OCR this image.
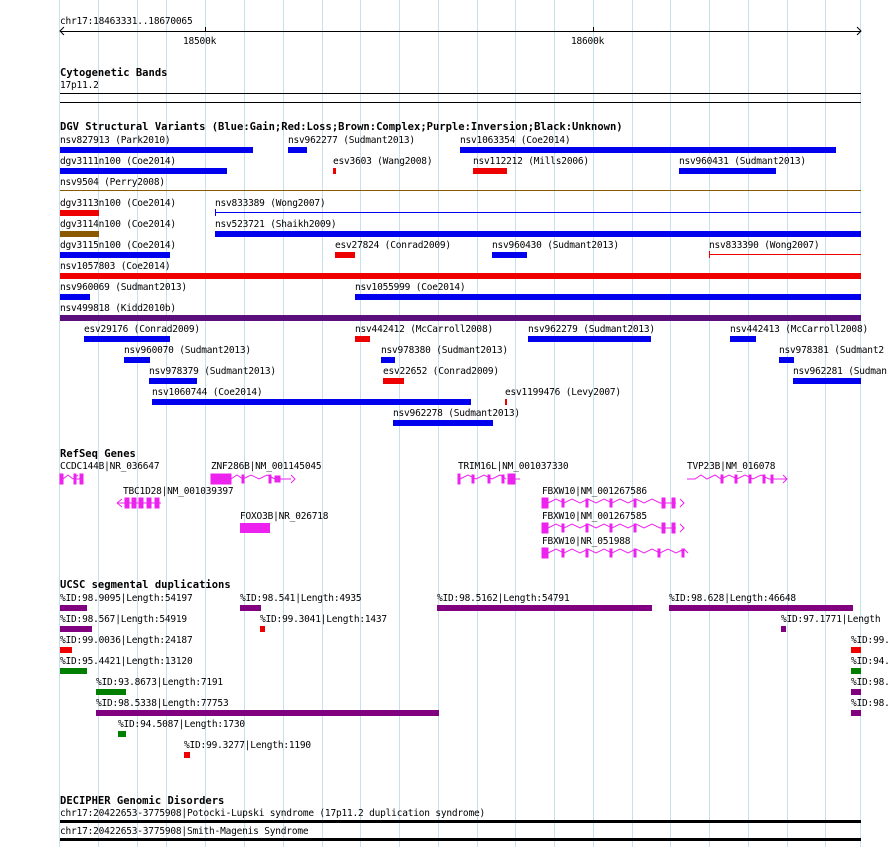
chr17:18463331..18670065
18500k	18600k
Cytogenetic Bands
17p11.2
DGV Structural Variants (Blue:Gain;Red:Loss;Brown:Complex;Purple:Inversion;Black:Unknown)
nsv827913 (Park2010)	nsv962277 (Sudmant2013)	nsv1063354 (Coe2014)
dgv3111n100 (Coe2014)	esv3603 (Wang2008)	nsv112212 (Mills2006)	nsv960431 (Sudmant2013)
nsv9504 (Perry2008)
dgv3113n100 (Coe2014)	nsv833389 (Wong2007)
dgv3114n100 (Coe2014)	nsv523721 (Shaikh2009)
dgv3115n100 (Coe2014)	esv27824 (Conrad2009)	nsv960430 (Sudmant2013)	nsv833390 (Wong2007)
nsv1057803 (Coe2014)
nsv960069 (Sudmant2013)	nsv1055999 (Coe2014)
nsv499818 (Kidd2010b)
esv29176 (Conrad2009)	nsv442412 (McCarroll2008)	nsv962279 (Sudmant2013)	nsv442413 (McCarroll2008)
nsv960070 (Sudmant2013)	nsv978380 (Sudmant2013)	nsv978381 (Sudmant2
nsv978379 (Sudmant2013)	esv22652 (Conrad2009)	nsv962281 (Sudman
nsv1060744 (Coe2014)	esv1199476 (Levy2007)
nsv962278 (Sudmant2013)
RefSeq Genes
CCDC144B|NR_036647	ZNF286B|NM_001145045	TRIM16L|NM_001037330	TVP23B|NM_016078
TBC1D28|NM_001039397	FBXW10|NM_001267586
FOXO3B|NR_026718	FBXW10|NM_001267585
FBXW10|NR_051988
UCSC segmental duplications
%ID:98.9095|Length:54197	%ID:98.541|Length:4935	%ID:98.5162|Length:54791	%ID:98.628|Length:46648
%ID:98.567|Length:54919	%ID:99.3041|Length:1437	%ID:97.1771|Length
%ID:99.0036|Length:24187	%ID:99.
%ID:95.4421|Length:13120	%ID:94.
%ID:93.8673|Length:7191	%ID:98.
%ID:98.5338|Length:77753	%ID:98.
%ID:94.5087|Length:1730
%ID:99.3277|Length:1190
DECIPHER Genomic Disorders
chr17:20422653-3775908|Potocki-Lupski syndrome (17p11.2 duplication syndrome)
chr17:20422653-3775908|Smith-Magenis Syndrome
